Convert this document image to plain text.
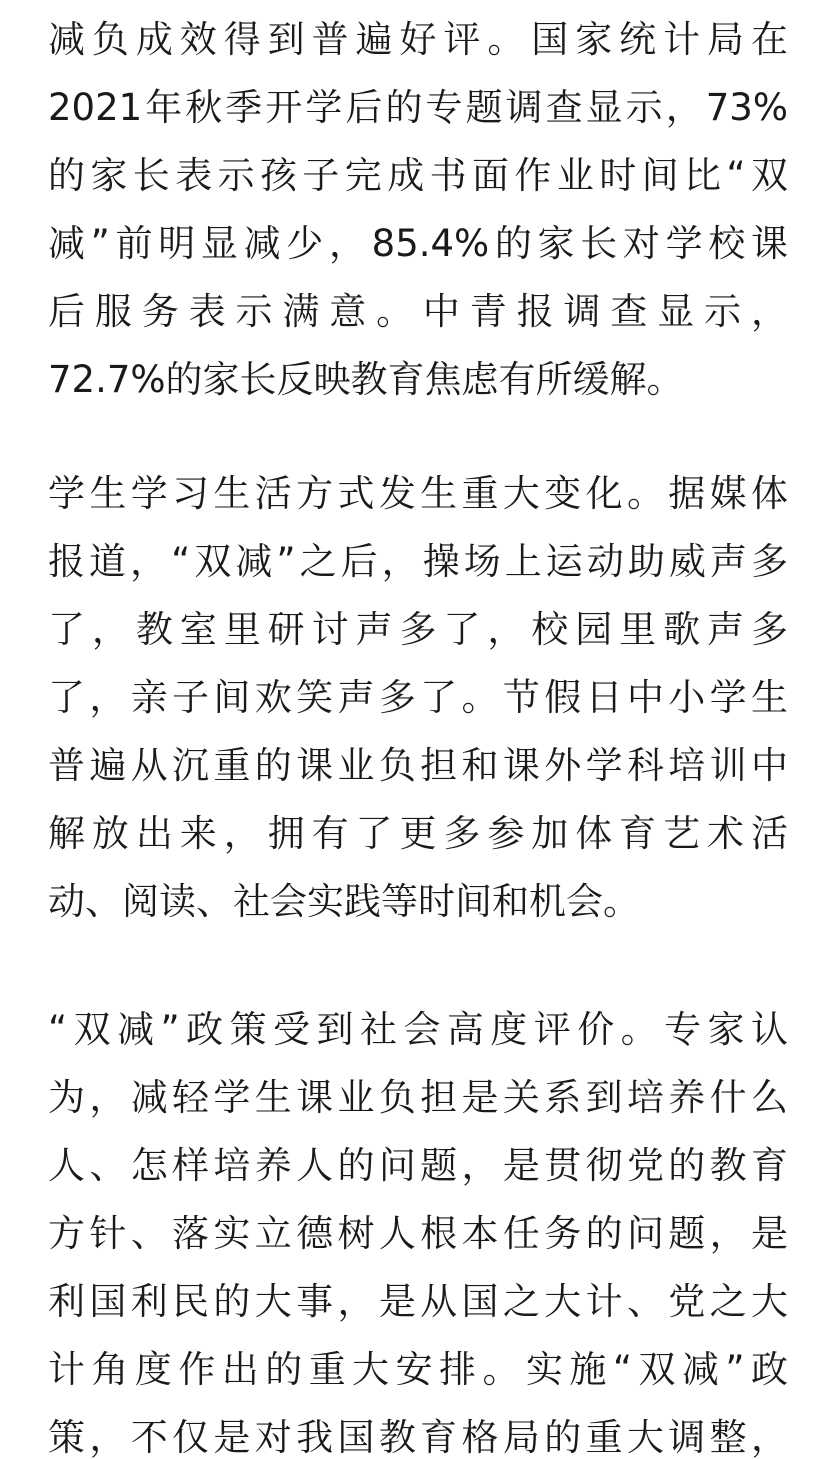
减负成效得到普遍好评。国家统计局在
2021年秋季开学后的专题调查显示，73%
的家长表示孩子完成书面作业时间比“双
减”前明显减少，85.4%的家长对学校课
后服务表示满意。中青报调查显示，
72.7%的家长反映教育焦虑有所缓解。

学生学习生活方式发生重大变化。据媒体
报道，“双减”之后，操场上运动助威声多
了，教室里研讨声多了，校园里歌声多
了，亲子间欢笑声多了。节假日中小学生
普遍从沉重的课业负担和课外学科培训中
解放出来，拥有了更多参加体育艺术活
动、阅读、社会实践等时间和机会。

“双减”政策受到社会高度评价。专家认
为，减轻学生课业负担是关系到培养什么
人、怎样培养人的问题，是贯彻党的教育
方针、落实立德树人根本任务的问题，是
利国利民的大事，是从国之大计、党之大
计角度作出的重大安排。实施“双减”政
策，不仅是对我国教育格局的重大调整，
